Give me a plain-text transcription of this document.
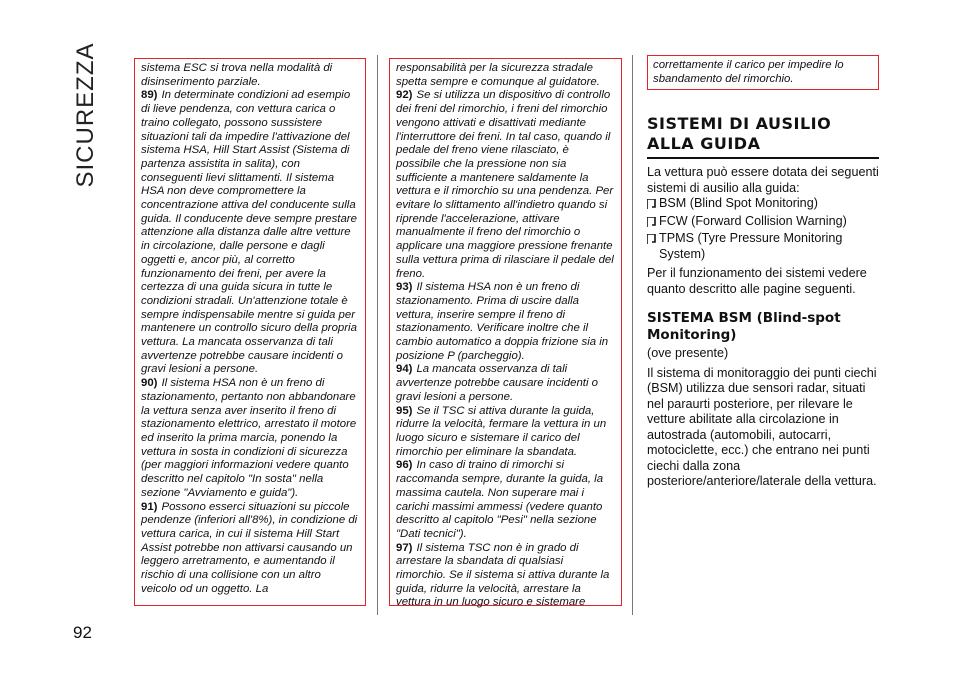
SICUREZZA	sistema ESC si trova nella modalità di disinserimento parziale.

89) In determinate condizioni ad esempio di lieve pendenza, con vettura carica o traino collegato, possono sussistere situazioni tali da impedire l'attivazione del sistema HSA, Hill Start Assist (Sistema di partenza assistita in salita), con conseguenti lievi slittamenti. Il sistema HSA non deve compromettere la concentrazione attiva del conducente sulla guida. Il conducente deve sempre prestare attenzione alla distanza dalle altre vetture in circolazione, dalle persone e dagli oggetti e, ancor più, al corretto funzionamento dei freni, per avere la certezza di una guida sicura in tutte le condizioni stradali. Un'attenzione totale è sempre indispensabile mentre si guida per mantenere un controllo sicuro della propria vettura. La mancata osservanza di tali avvertenze potrebbe causare incidenti o gravi lesioni a persone.

90) Il sistema HSA non è un freno di stazionamento, pertanto non abbandonare la vettura senza aver inserito il freno di stazionamento elettrico, arrestato il motore ed inserito la prima marcia, ponendo la vettura in sosta in condizioni di sicurezza (per maggiori informazioni vedere quanto descritto nel capitolo "In sosta" nella sezione "Avviamento e guida").

91) Possono esserci situazioni su piccole pendenze (inferiori all'8%), in condizione di vettura carica, in cui il sistema Hill Start Assist potrebbe non attivarsi causando un leggero arretramento, e aumentando il rischio di una collisione con un altro veicolo od un oggetto. La

responsabilità per la sicurezza stradale spetta sempre e comunque al guidatore.

92) Se si utilizza un dispositivo di controllo dei freni del rimorchio, i freni del rimorchio vengono attivati e disattivati mediante l'interruttore dei freni. In tal caso, quando il pedale del freno viene rilasciato, è possibile che la pressione non sia sufficiente a mantenere saldamente la vettura e il rimorchio su una pendenza. Per evitare lo slittamento all'indietro quando si riprende l'accelerazione, attivare manualmente il freno del rimorchio o applicare una maggiore pressione frenante sulla vettura prima di rilasciare il pedale del freno.

93) Il sistema HSA non è un freno di stazionamento. Prima di uscire dalla vettura, inserire sempre il freno di stazionamento. Verificare inoltre che il cambio automatico a doppia frizione sia in posizione P (parcheggio).

94) La mancata osservanza di tali avvertenze potrebbe causare incidenti o gravi lesioni a persone.

95) Se il TSC si attiva durante la guida, ridurre la velocità, fermare la vettura in un luogo sicuro e sistemare il carico del rimorchio per eliminare la sbandata.

96) In caso di traino di rimorchi si raccomanda sempre, durante la guida, la massima cautela. Non superare mai i carichi massimi ammessi (vedere quanto descritto al capitolo "Pesi" nella sezione "Dati tecnici").

97) Il sistema TSC non è in grado di arrestare la sbandata di qualsiasi rimorchio. Se il sistema si attiva durante la guida, ridurre la velocità, arrestare la vettura in un luogo sicuro e sistemare

correttamente il carico per impedire lo sbandamento del rimorchio.

SISTEMI DI AUSILIO ALLA GUIDA

La vettura può essere dotata dei seguenti sistemi di ausilio alla guida:

BSM (Blind Spot Monitoring)
FCW (Forward Collision Warning)
TPMS (Tyre Pressure Monitoring System)

Per il funzionamento dei sistemi vedere quanto descritto alle pagine seguenti.

SISTEMA BSM (Blind-spot Monitoring)

(ove presente)

Il sistema di monitoraggio dei punti ciechi (BSM) utilizza due sensori radar, situati nel paraurti posteriore, per rilevare le vetture abilitate alla circolazione in autostrada (automobili, autocarri, motociclette, ecc.) che entrano nei punti ciechi dalla zona posteriore/anteriore/laterale della vettura.

92
